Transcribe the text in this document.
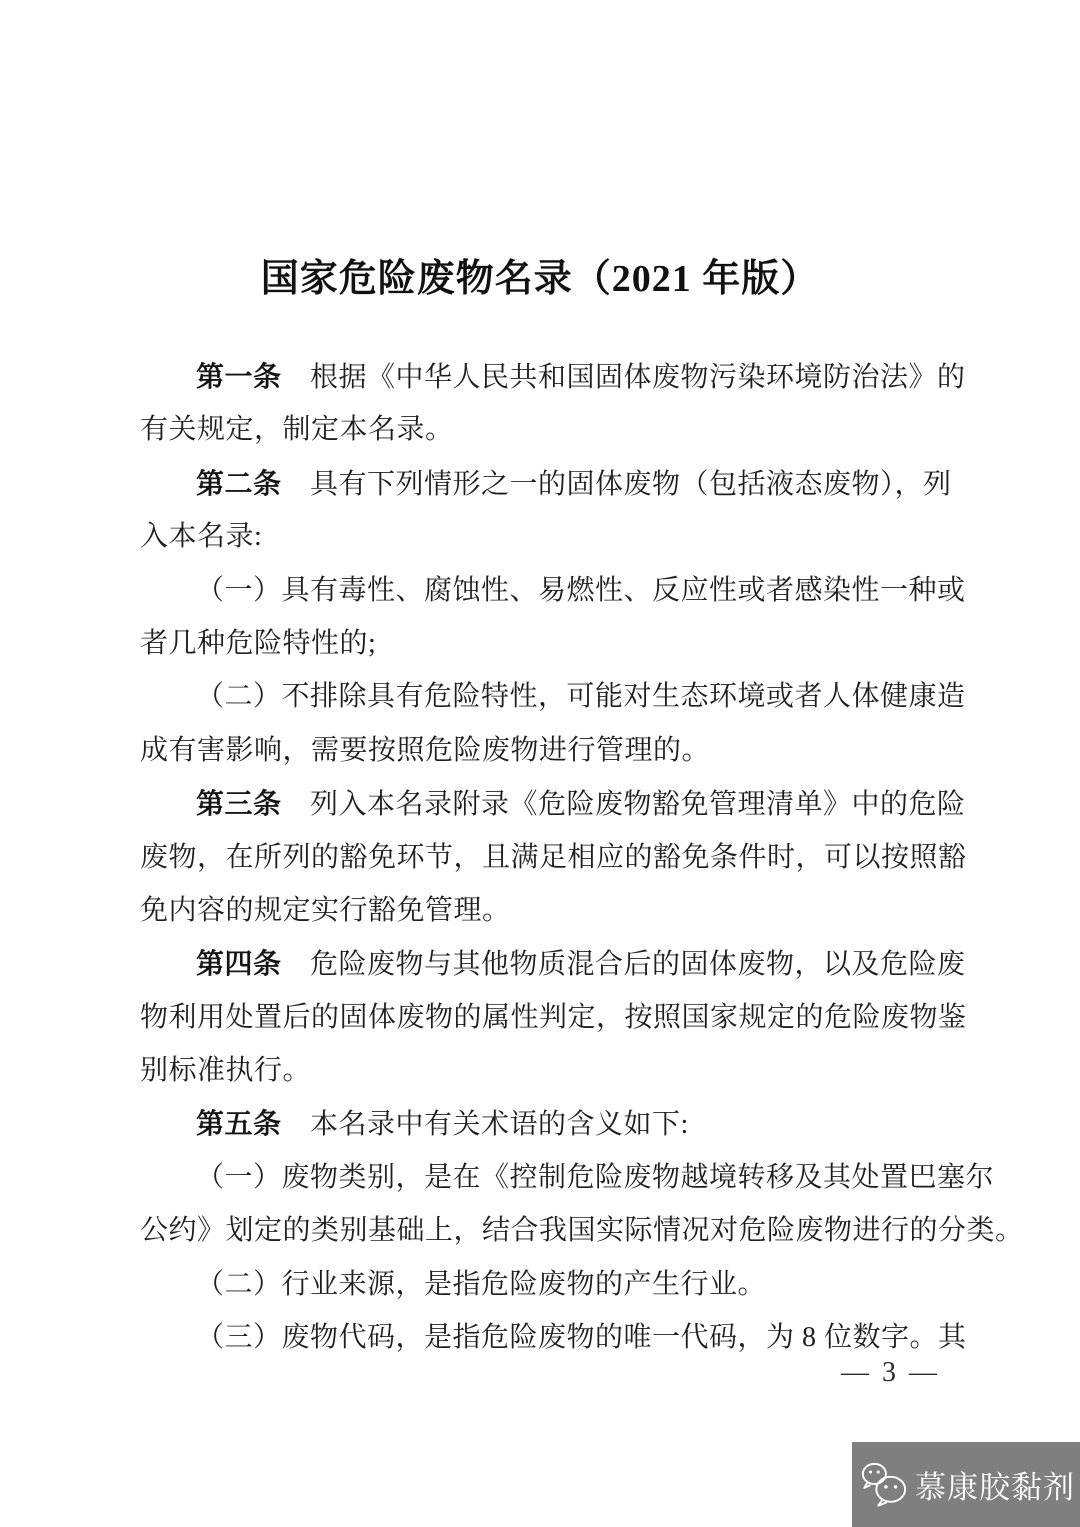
国家危险废物名录（2021 年版）
第一条　根据《中华人民共和国固体废物污染环境防治法》的
有关规定，制定本名录。
第二条　具有下列情形之一的固体废物（包括液态废物），列
入本名录:
（一）具有毒性、腐蚀性、易燃性、反应性或者感染性一种或
者几种危险特性的;
（二）不排除具有危险特性，可能对生态环境或者人体健康造
成有害影响，需要按照危险废物进行管理的。
第三条　列入本名录附录《危险废物豁免管理清单》中的危险
废物，在所列的豁免环节，且满足相应的豁免条件时，可以按照豁
免内容的规定实行豁免管理。
第四条　危险废物与其他物质混合后的固体废物，以及危险废
物利用处置后的固体废物的属性判定，按照国家规定的危险废物鉴
别标准执行。
第五条　本名录中有关术语的含义如下:
（一）废物类别，是在《控制危险废物越境转移及其处置巴塞尔
公约》划定的类别基础上，结合我国实际情况对危险废物进行的分类。
（二）行业来源，是指危险废物的产生行业。
（三）废物代码，是指危险废物的唯一代码，为 8 位数字。其
— 3 —
慕康胶黏剂
